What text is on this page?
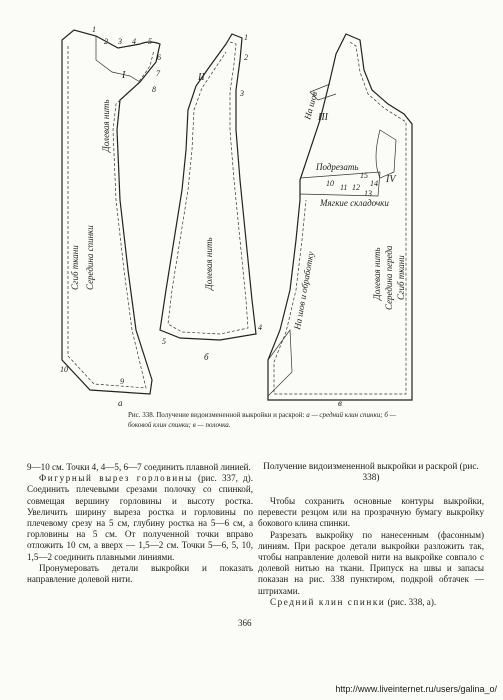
I
Долевая нить
Сгиб ткани Середина спинки
1
2 3 4 5
6
7
8
9
10
а
II
Долевая нить
1
2
3
4
5
б
III
IV
Подрезать
Мягкие складочки
Долевая нить Середина переда Сгиб ткани
На шов и обработку
На шов
10 11 12
13
14
15
в
Рис. 338. Получение видоизмененной выкройки и раскрой: а — средний клин спинки; б — боковой клин спинки; в — полочка.

9—10 см. Точки 4, 4—5, 6—7 соединить плавной линией.

Фигурный вырез горловины (рис. 337, д). Соединить плечевыми срезами полочку со спинкой, совмещая вершину горловины и высоту ростка. Увеличить ширину выреза ростка и горловины по плечевому срезу на 5 см, глубину ростка на 5—6 см, а горловины на 5 см. От полученной точки вправо отложить 10 см, а вверх — 1,5—2 см. Точки 5—6, 5, 10, 1,5—2 соединить плавными линиями.

Пронумеровать детали выкройки и показать направление долевой нити.

Получение видоизмененной выкройки и раскрой (рис. 338)

Чтобы сохранить основные контуры выкройки, перевести резцом или на прозрачную бумагу выкройку бокового клина спинки.

Разрезать выкройку по нанесенным (фасонным) линиям. При раскрое детали выкройки разложить так, чтобы направление долевой нити на выкройке совпало с долевой нитью на ткани. Припуск на швы и запасы показан на рис. 338 пунктиром, подкрой обтачек — штрихами.

Средний клин спинки (рис. 338, а).

366
http://www.liveinternet.ru/users/galina_o/
